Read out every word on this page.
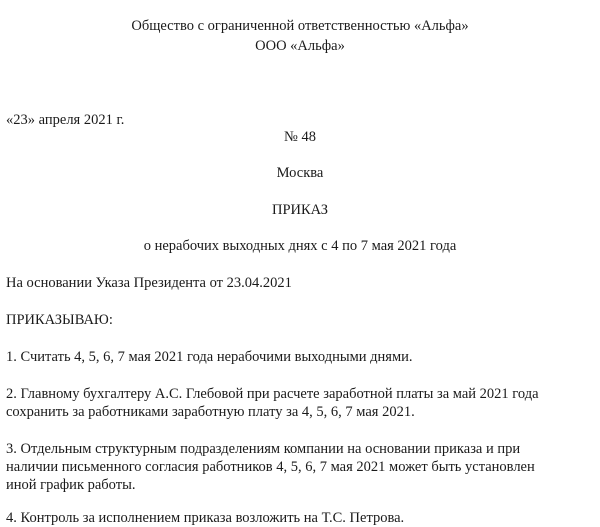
Общество с ограниченной ответственностью «Альфа»
ООО «Альфа»
«23» апреля 2021 г.
№ 48
Москва
ПРИКАЗ
о нерабочих выходных днях с 4 по 7 мая 2021 года
На основании Указа Президента от 23.04.2021
ПРИКАЗЫВАЮ:
1. Считать 4, 5, 6, 7 мая 2021 года нерабочими выходными днями.
2. Главному бухгалтеру А.С. Глебовой при расчете заработной платы за май 2021 года
сохранить за работниками заработную плату за 4, 5, 6, 7 мая 2021.
3. Отдельным структурным подразделениям компании на основании приказа и при
наличии письменного согласия работников 4, 5, 6, 7 мая 2021 может быть установлен
иной график работы.
4. Контроль за исполнением приказа возложить на Т.С. Петрова.
